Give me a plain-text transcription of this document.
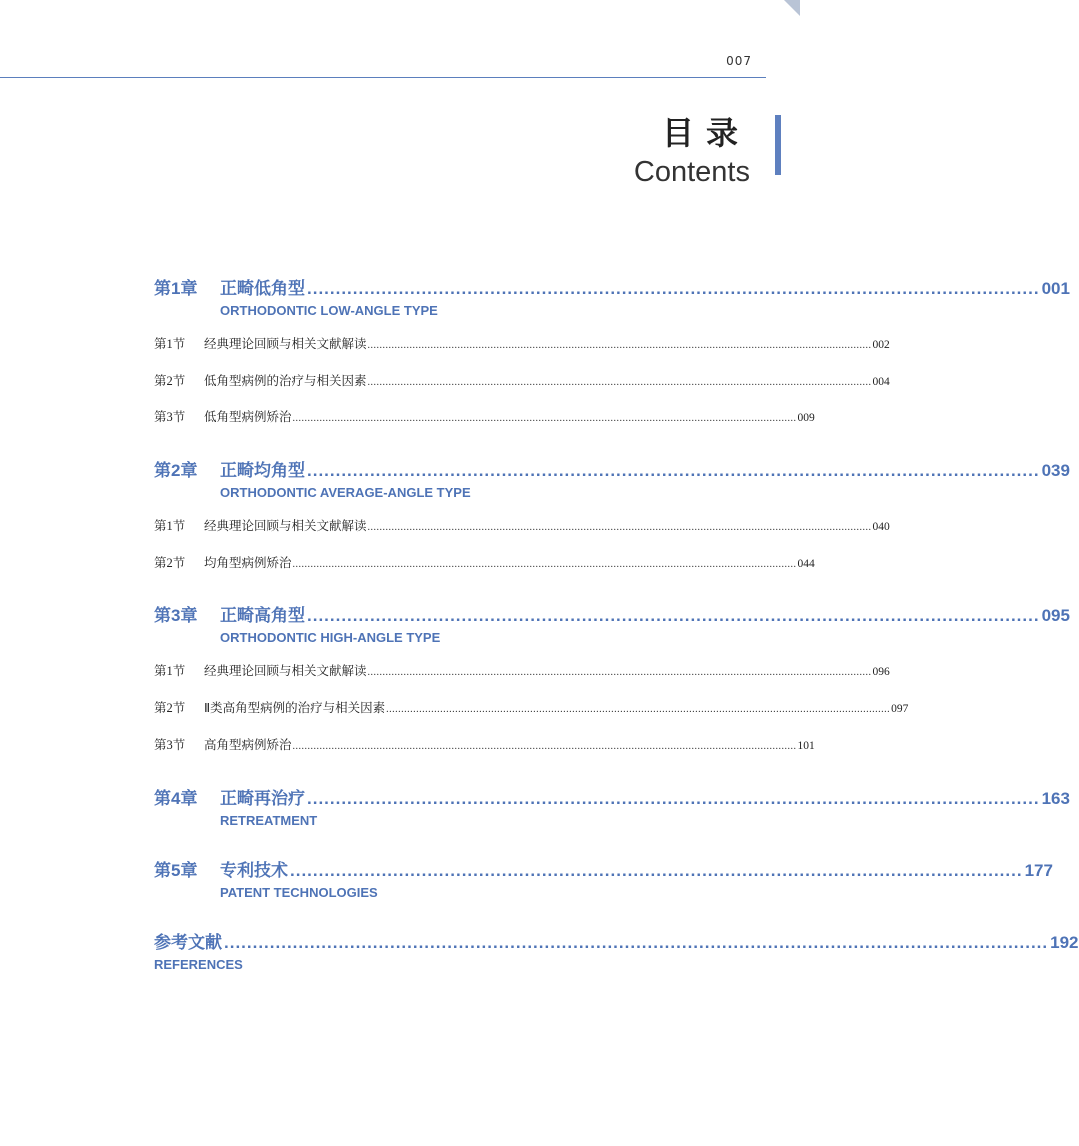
007
目录
Contents
第1章	正畸低角型 ................................................................................................................................ 001
ORTHODONTIC LOW-ANGLE TYPE
第1节	经典理论回顾与相关文献解读 ........................................................................................................................................................................ 002
第2节	低角型病例的治疗与相关因素 ........................................................................................................................................................................ 004
第3节	低角型病例矫治 ........................................................................................................................................................................ 009
第2章	正畸均角型 ................................................................................................................................ 039
ORTHODONTIC AVERAGE-ANGLE TYPE
第1节	经典理论回顾与相关文献解读 ........................................................................................................................................................................ 040
第2节	均角型病例矫治 ........................................................................................................................................................................ 044
第3章	正畸高角型 ................................................................................................................................ 095
ORTHODONTIC HIGH-ANGLE TYPE
第1节	经典理论回顾与相关文献解读 ........................................................................................................................................................................ 096
第2节	Ⅱ类高角型病例的治疗与相关因素 ........................................................................................................................................................................ 097
第3节	高角型病例矫治 ........................................................................................................................................................................ 101
第4章	正畸再治疗 ................................................................................................................................ 163
RETREATMENT
第5章	专利技术 ................................................................................................................................ 177
PATENT TECHNOLOGIES
参考文献 ................................................................................................................................................ 192
REFERENCES
